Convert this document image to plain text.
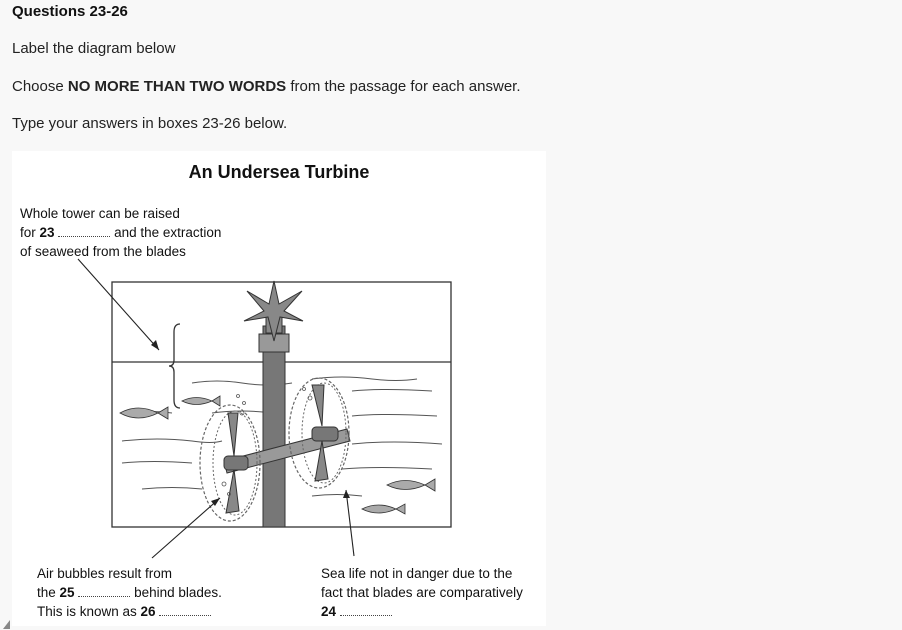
Questions 23-26
Label the diagram below
Choose NO MORE THAN TWO WORDS from the passage for each answer.
Type your answers in boxes 23-26 below.
An Undersea Turbine
Whole tower can be raised
for 23	and the extraction
of seaweed from the blades
Air bubbles result from
the 25	behind blades.
This is known as 26
Sea life not in danger due to the
fact that blades are comparatively
24
